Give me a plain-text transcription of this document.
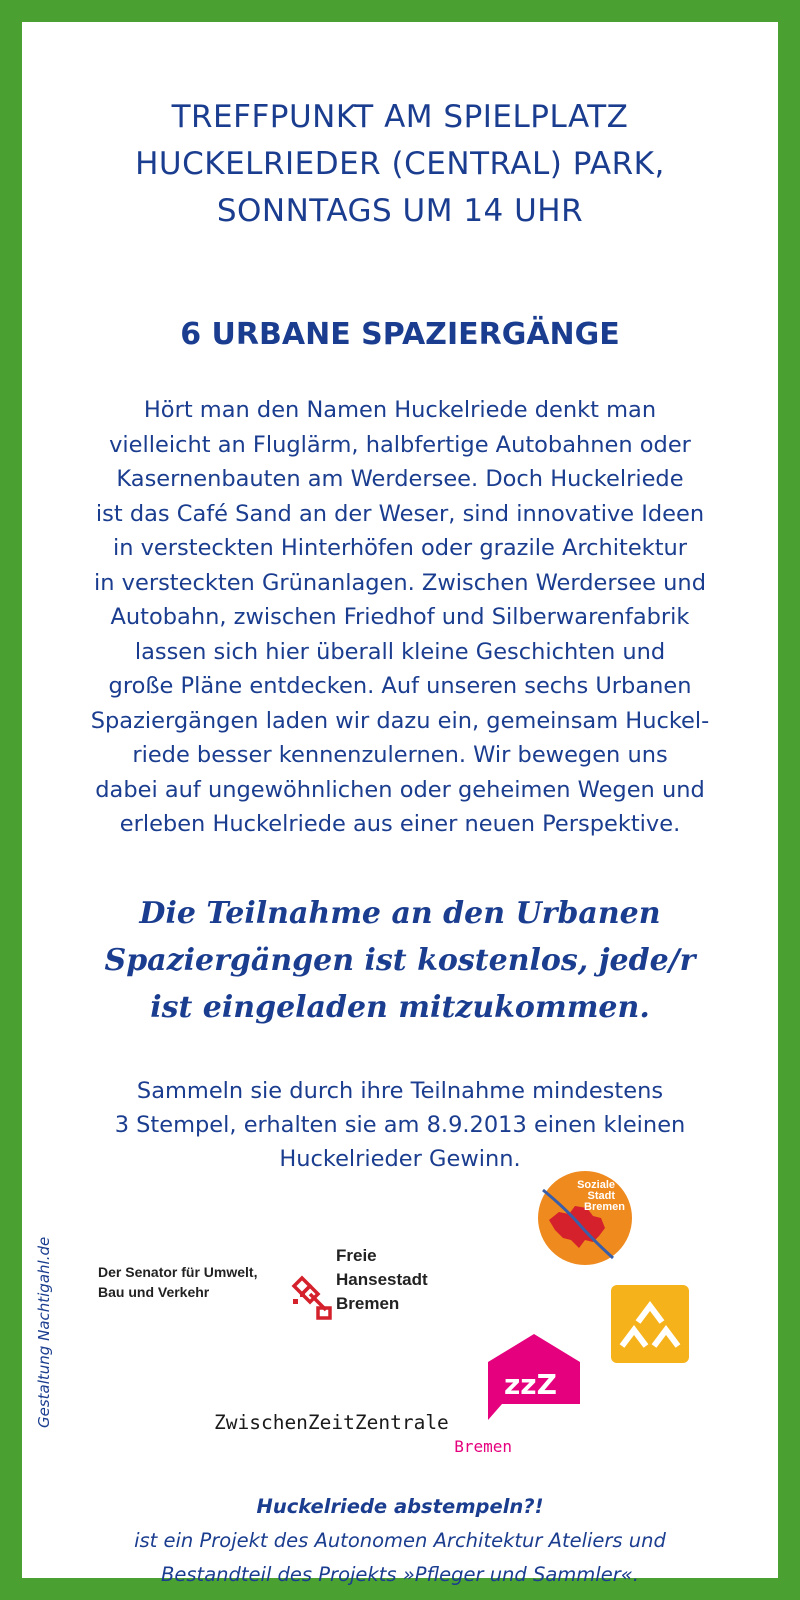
TREFFPUNKT AM SPIELPLATZ
HUCKELRIEDER (CENTRAL) PARK,
SONNTAGS UM 14 UHR
6 URBANE SPAZIERGÄNGE
Hört man den Namen Huckelriede denkt man
vielleicht an Fluglärm, halbfertige Autobahnen oder
Kasernenbauten am Werdersee. Doch Huckelriede
ist das Café Sand an der Weser, sind innovative Ideen
in versteckten Hinterhöfen oder grazile Architektur
in versteckten Grünanlagen. Zwischen Werdersee und
Autobahn, zwischen Friedhof und Silberwarenfabrik
lassen sich hier überall kleine Geschichten und
große Pläne entdecken. Auf unseren sechs Urbanen
Spaziergängen laden wir dazu ein, gemeinsam Huckel-
riede besser kennenzulernen. Wir bewegen uns
dabei auf ungewöhnlichen oder geheimen Wegen und
erleben Huckelriede aus einer neuen Perspektive.
Die Teilnahme an den Urbanen
Spaziergängen ist kostenlos, jede/r
ist eingeladen mitzukommen.
Sammeln sie durch ihre Teilnahme mindestens
3 Stempel, erhalten sie am 8.9.2013 einen kleinen
Huckelrieder Gewinn.
Gestaltung Nachtigahl.de	Der Senator für Umwelt,
Bau und Verkehr
Freie
Hansestadt
Bremen
Soziale
Stadt
Bremen
zzZ
ZwischenZeitZentrale
Bremen
Huckelriede abstempeln?!
ist ein Projekt des Autonomen Architektur Ateliers und
Bestandteil des Projekts »Pfleger und Sammler«.
